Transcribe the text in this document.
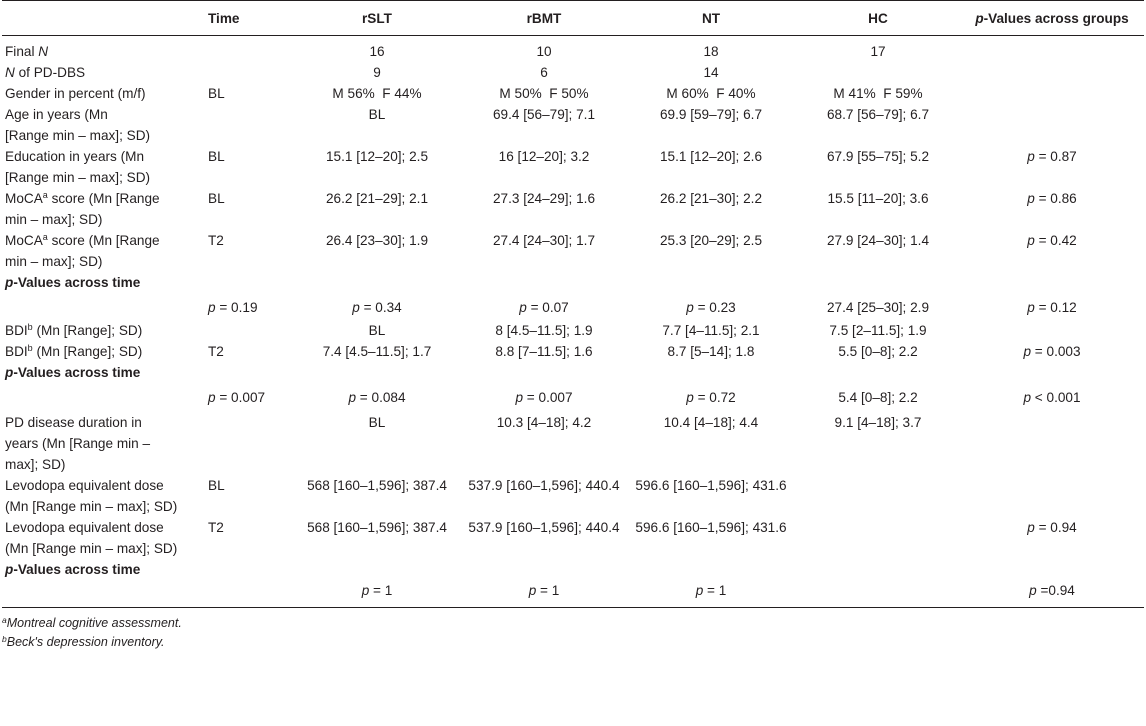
	Time	rSLT	rBMT	NT	HC	p-Values across groups
Final N		16	10	18	17	
N of PD-DBS		9	6	14		
Gender in percent (m/f)	BL	M 56%  F 44%	M 50%  F 50%	M 60%  F 40%	M 41%  F 59%	
Age in years (Mn
[Range min – max]; SD)		BL	69.4 [56–79]; 7.1	69.9 [59–79]; 6.7	68.7 [56–79]; 6.7	
Education in years (Mn
[Range min – max]; SD)	BL	15.1 [12–20]; 2.5	16 [12–20]; 3.2	15.1 [12–20]; 2.6	67.9 [55–75]; 5.2	p = 0.87
MoCA$^a$ score (Mn [Range
min – max]; SD)	BL	26.2 [21–29]; 2.1	27.3 [24–29]; 1.6	26.2 [21–30]; 2.2	15.5 [11–20]; 3.6	p = 0.86
MoCA$^a$ score (Mn [Range
min – max]; SD)	T2	26.4 [23–30]; 1.9	27.4 [24–30]; 1.7	25.3 [20–29]; 2.5	27.9 [24–30]; 1.4	p = 0.42
p-Values across time						
	p = 0.19	p = 0.34	p = 0.07	p = 0.23	27.4 [25–30]; 2.9	p = 0.12
BDI$^b$ (Mn [Range]; SD)		BL	8 [4.5–11.5]; 1.9	7.7 [4–11.5]; 2.1	7.5 [2–11.5]; 1.9	
BDI$^b$ (Mn [Range]; SD)	T2	7.4 [4.5–11.5]; 1.7	8.8 [7–11.5]; 1.6	8.7 [5–14]; 1.8	5.5 [0–8]; 2.2	p = 0.003
p-Values across time						
	p = 0.007	p = 0.084	p = 0.007	p = 0.72	5.4 [0–8]; 2.2	p < 0.001
PD disease duration in
years (Mn [Range min –
max]; SD)		BL	10.3 [4–18]; 4.2	10.4 [4–18]; 4.4	9.1 [4–18]; 3.7	
Levodopa equivalent dose
(Mn [Range min – max]; SD)	BL	568 [160–1,596]; 387.4	537.9 [160–1,596]; 440.4	596.6 [160–1,596]; 431.6		
Levodopa equivalent dose
(Mn [Range min – max]; SD)	T2	568 [160–1,596]; 387.4	537.9 [160–1,596]; 440.4	596.6 [160–1,596]; 431.6		p = 0.94
p-Values across time		p = 1	p = 1	p = 1		p =0.94
$^a$Montreal cognitive assessment.
$^b$Beck's depression inventory.
